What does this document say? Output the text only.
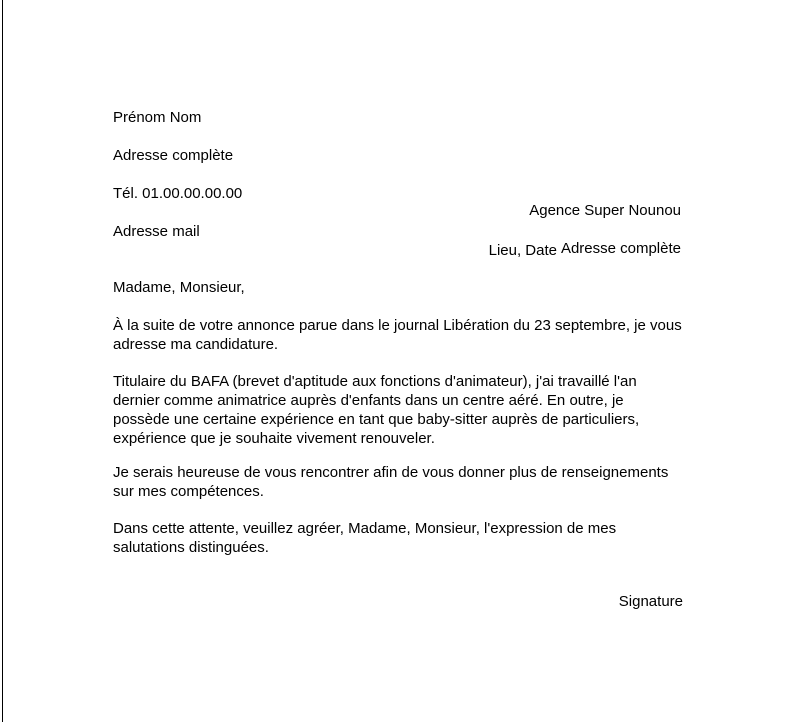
Prénom Nom

Adresse complète

Tél. 01.00.00.00.00

Adresse mail

Agence Super Nounou

Adresse complète

Lieu, Date
Madame, Monsieur,
À la suite de votre annonce parue dans le journal Libération du 23 septembre, je vous adresse ma candidature.
Titulaire du BAFA (brevet d'aptitude aux fonctions d'animateur), j'ai travaillé l'an dernier comme animatrice auprès d'enfants dans un centre aéré. En outre, je possède une certaine expérience en tant que baby-sitter auprès de particuliers, expérience que je souhaite vivement renouveler.
Je serais heureuse de vous rencontrer afin de vous donner plus de renseignements sur mes compétences.
Dans cette attente, veuillez agréer, Madame, Monsieur, l'expression de mes salutations distinguées.
Signature
